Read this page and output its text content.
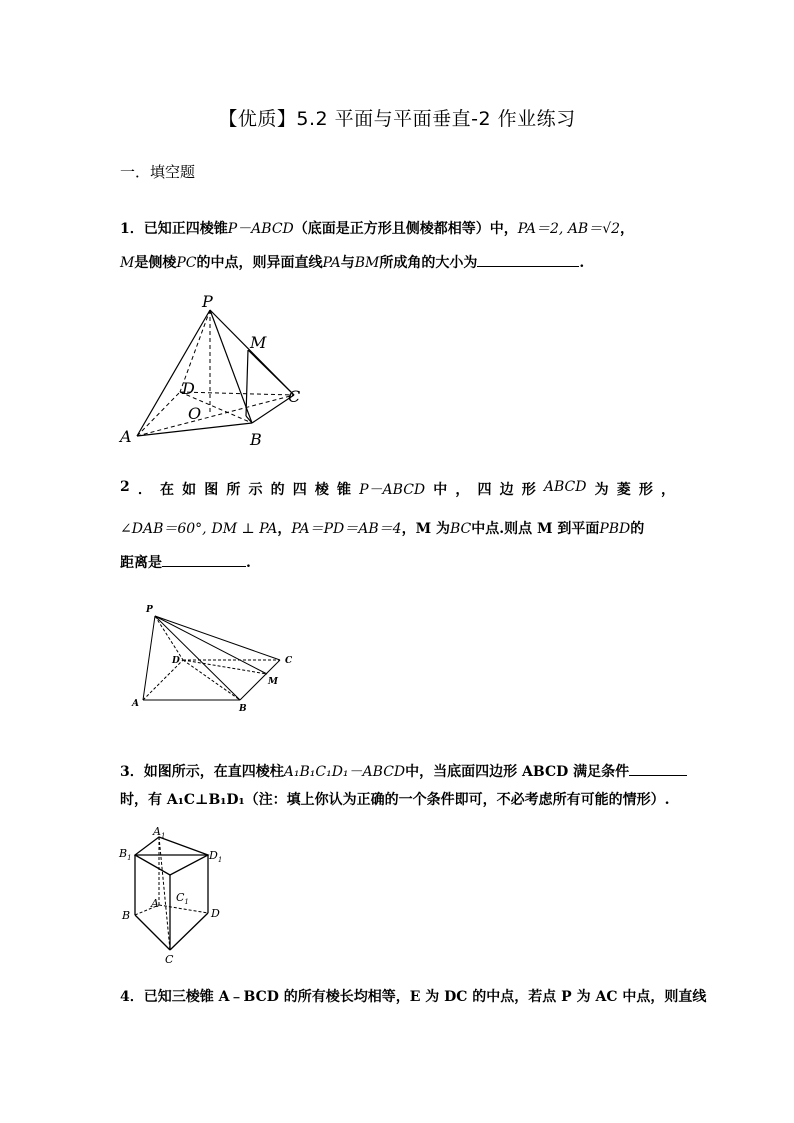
【优质】5.2 平面与平面垂直-2 作业练习
一．填空题
1．已知正四棱锥P－ABCD（底面是正方形且侧棱都相等）中，PA＝2, AB＝√2，
M是侧棱PC的中点，则异面直线PA与BM所成角的大小为	.
P
M
D	C
O
A	B
2 ． 在 如 图 所 示 的 四 棱 锥 P－ABCD 中 ， 四 边 形 ABCD 为 菱 形 ，
∠DAB＝60°, DM ⊥ PA，PA＝PD＝AB＝4，M 为BC中点.则点 M 到平面PBD的
距离是	.
P
D	C
M
A	B
3．如图所示，在直四棱柱A₁B₁C₁D₁－ABCD中，当底面四边形 ABCD 满足条件
时，有 A₁C⊥B₁D₁（注：填上你认为正确的一个条件即可，不必考虑所有可能的情形）.
$A_1$
$B_1$	$D_1$
$C_1$
A
B	D
C
4．已知三棱锥 A﹣BCD 的所有棱长均相等，E 为 DC 的中点，若点 P 为 AC 中点，则直线
